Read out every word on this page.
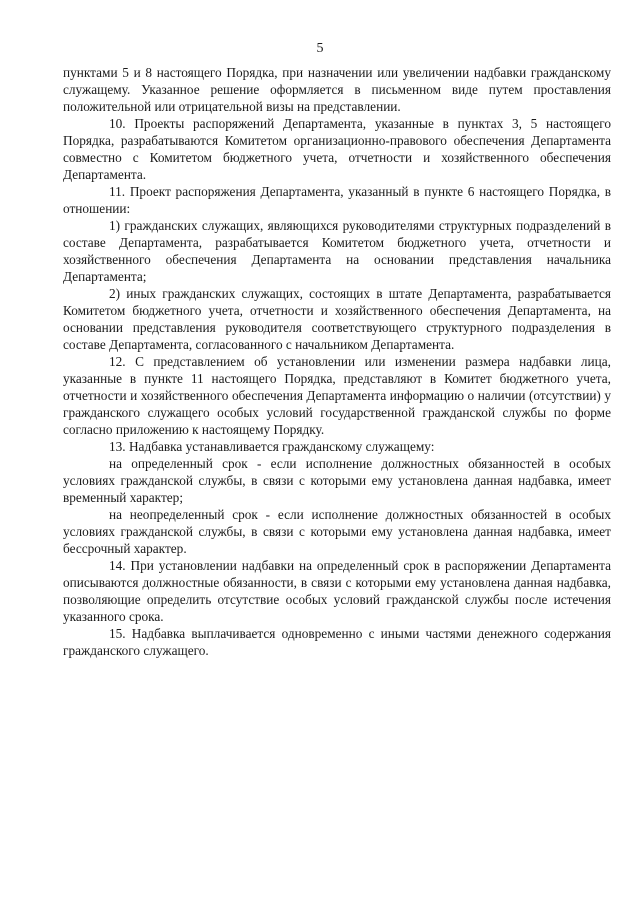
5

пунктами 5 и 8 настоящего Порядка, при назначении или увеличении надбавки гражданскому служащему. Указанное решение оформляется в письменном виде путем проставления положительной или отрицательной визы на представлении.

10. Проекты распоряжений Департамента, указанные в пунктах 3, 5 настоящего Порядка, разрабатываются Комитетом организационно-правового обеспечения Департамента совместно с Комитетом бюджетного учета, отчетности и хозяйственного обеспечения Департамента.

11. Проект распоряжения Департамента, указанный в пункте 6 настоящего Порядка, в отношении:

1) гражданских служащих, являющихся руководителями структурных подразделений в составе Департамента, разрабатывается Комитетом бюджетного учета, отчетности и хозяйственного обеспечения Департамента на основании представления начальника Департамента;

2) иных гражданских служащих, состоящих в штате Департамента, разрабатывается Комитетом бюджетного учета, отчетности и хозяйственного обеспечения Департамента, на основании представления руководителя соответствующего структурного подразделения в составе Департамента, согласованного с начальником Департамента.

12. С представлением об установлении или изменении размера надбавки лица, указанные в пункте 11 настоящего Порядка, представляют в Комитет бюджетного учета, отчетности и хозяйственного обеспечения Департамента информацию о наличии (отсутствии) у гражданского служащего особых условий государственной гражданской службы по форме согласно приложению к настоящему Порядку.

13. Надбавка устанавливается гражданскому служащему:

на определенный срок - если исполнение должностных обязанностей в особых условиях гражданской службы, в связи с которыми ему установлена данная надбавка, имеет временный характер;

на неопределенный срок - если исполнение должностных обязанностей в особых условиях гражданской службы, в связи с которыми ему установлена данная надбавка, имеет бессрочный характер.

14. При установлении надбавки на определенный срок в распоряжении Департамента описываются должностные обязанности, в связи с которыми ему установлена данная надбавка, позволяющие определить отсутствие особых условий гражданской службы после истечения указанного срока.

15. Надбавка выплачивается одновременно с иными частями денежного содержания гражданского служащего.
